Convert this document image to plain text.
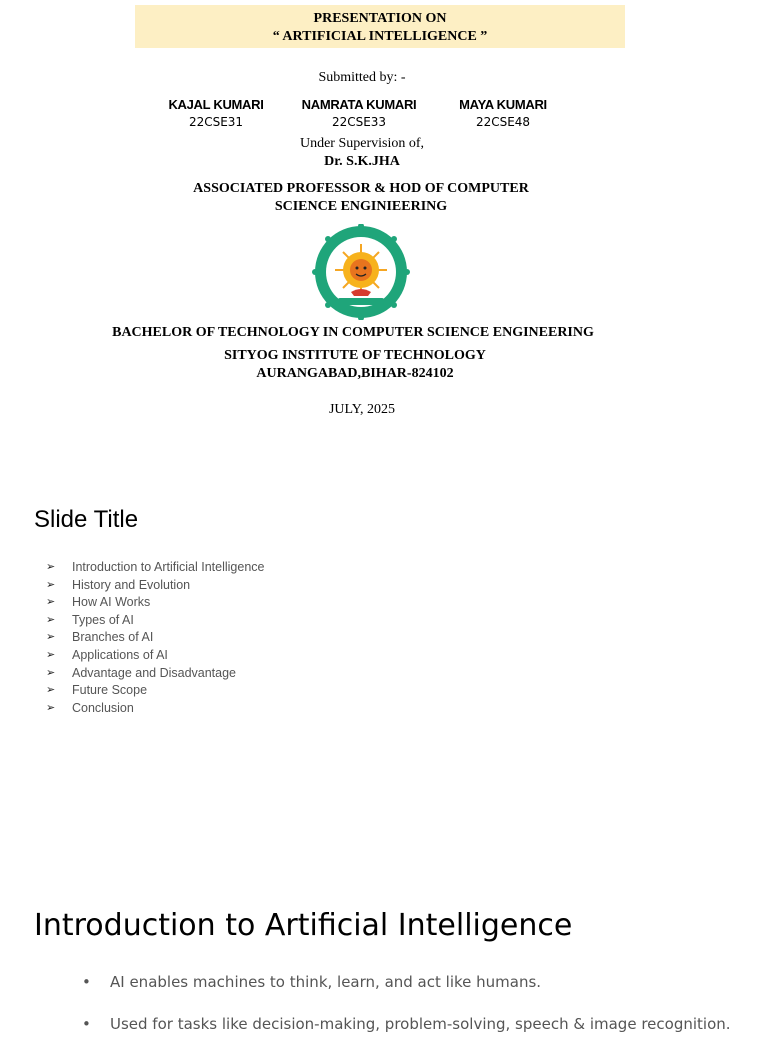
PRESENTATION ON
“ ARTIFICIAL INTELLIGENCE ”
Submitted by: -
KAJAL KUMARI
22CSE31
NAMRATA KUMARI
22CSE33
MAYA KUMARI
22CSE48
Under Supervision of,
Dr. S.K.JHA
ASSOCIATED PROFESSOR & HOD OF COMPUTER
SCIENCE ENGINIEERING
BACHELOR OF TECHNOLOGY IN COMPUTER SCIENCE ENGINEERING
SITYOG INSTITUTE OF TECHNOLOGY
AURANGABAD,BIHAR-824102
JULY, 2025
Slide Title
➢ Introduction to Artificial Intelligence
➢ History and Evolution
➢ How AI Works
➢ Types of AI
➢ Branches of AI
➢ Applications of AI
➢ Advantage and Disadvantage
➢ Future Scope
➢ Conclusion
Introduction to Artificial Intelligence
• AI enables machines to think, learn, and act like humans.
• Used for tasks like decision-making, problem-solving, speech & image recognition.
